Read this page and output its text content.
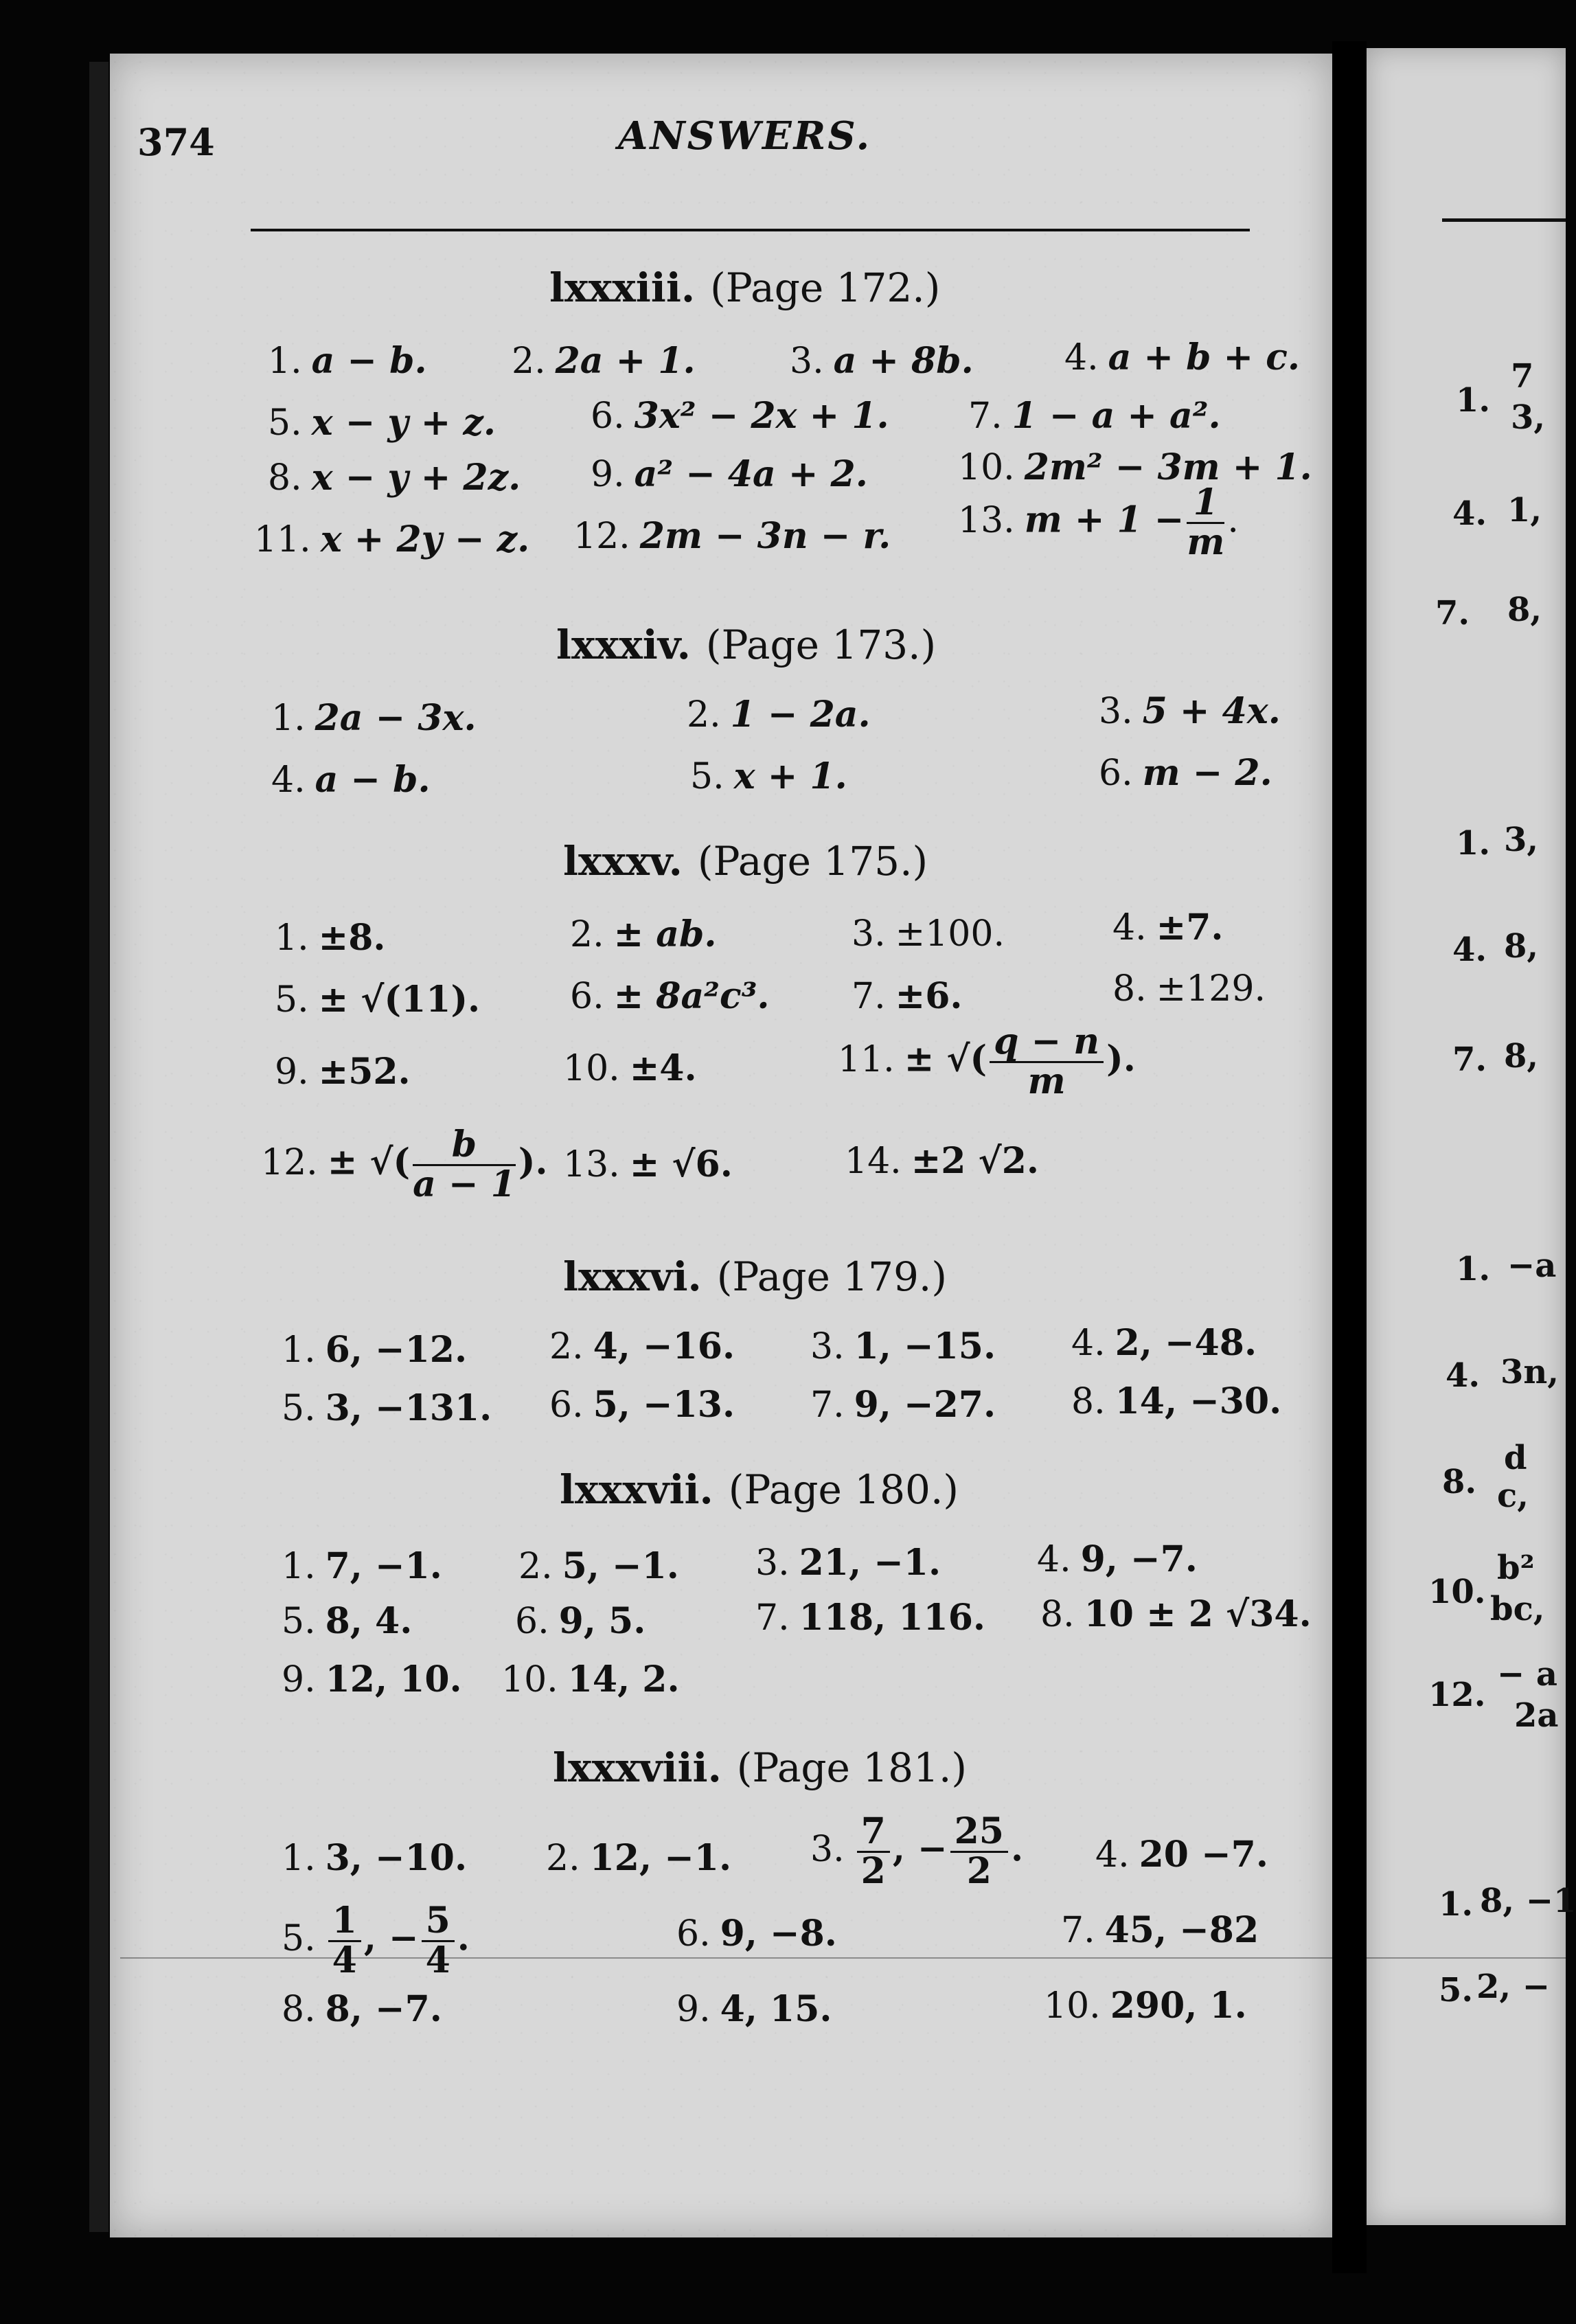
374	ANSWERS.
lxxxiii. (Page 172.)
1. a − b. 2. 2a + 1.	3. a + 8b.	4. a + b + c.
5. x − y + z.	6. 3x² − 2x + 1. 7. 1 − a + a².
8. x − y + 2z. 9. a² − 4a + 2.	10. 2m² − 3m + 1.
11. x + 2y − z. 12. 2m − 3n − r. 13. $m + 1 - \frac{1}{m}$ .
lxxxiv. (Page 173.)
1. 2a − 3x.	2. 1 − 2a.	3. 5 + 4x.
4. a − b.	5. x + 1.	6. m − 2.
lxxxv. (Page 175.)
1. ±8.	2. ± ab.	3. ±100.	4. ±7.
5. ± √(11).	6. ± 8a²c³. 7. ±6.	8. ±129.
9. ±52.	10. ±4.	11. ± √( $\frac{q - n}{m}$ ).
12. ± √( $\frac{b}{a - 1}$ ). 13. ± √6.	14. ±2 √2.
lxxxvi. (Page 179.)
1. 6, −12. 2. 4, −16. 3. 1, −15. 4. 2, −48.
5. 3, −131. 6. 5, −13. 7. 9, −27. 8. 14, −30.
lxxxvii. (Page 180.)
1. 7, −1. 2. 5, −1. 3. 21, −1.	4. 9, −7.
5. 8, 4.	6. 9, 5.	7. 118, 116. 8. 10 ± 2 √34.
9. 12, 10. 10. 14, 2.
lxxxviii. (Page 181.)
1. 3, −10. 2. 12, −1. 3. $\frac{7}{2}$ , − $\frac{25}{2}$ . 4. 20 −7.
5. $\frac{1}{4}$ , − $\frac{5}{4}$ .	6. 9, −8.	7. 45, −82
8. 8, −7.	9. 4, 15.	10. 290, 1.
1.
7
3,
4. 1,
7. 8,
1. 3,
4. 8,
7. 8,
1. −a
4. 3n,
8.
d
c,
10.
b²
bc,
12.
− a
2a
1. 8, −1
5. 2, −
